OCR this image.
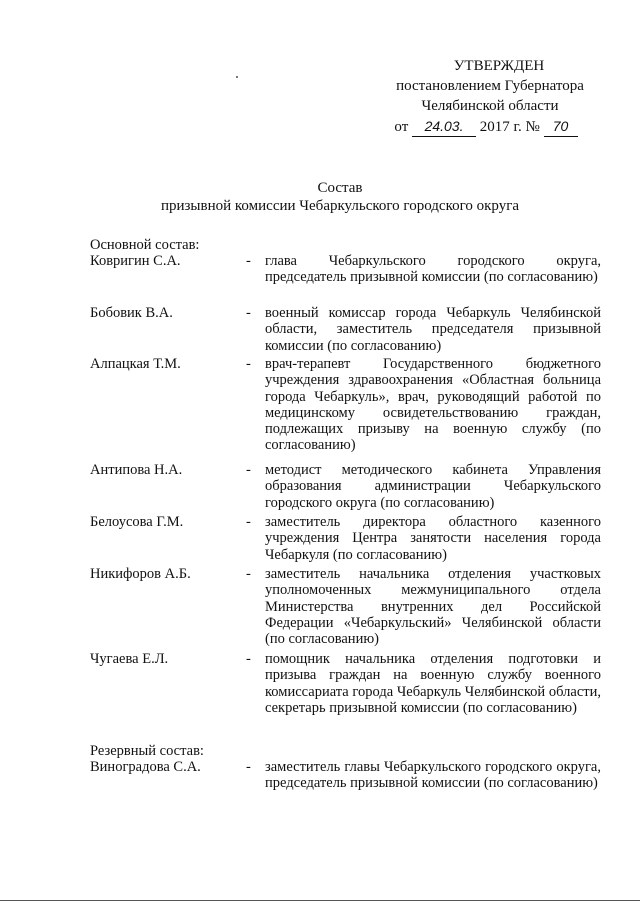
УТВЕРЖДЕН
постановлением Губернатора
Челябинской области
от 24.03. 2017 г. № 70
Состав
призывной комиссии Чебаркульского городского округа
Основной состав:
Ковригин С.А.	- глава Чебаркульского городского округа, председатель призывной комиссии (по согласованию)
Бобовик В.А.	- военный комиссар города Чебаркуль Челябинской области, заместитель председателя призывной комиссии (по согласованию)
Алпацкая Т.М.	- врач-терапевт Государственного бюджетного учреждения здравоохранения «Областная больница города Чебаркуль», врач, руководящий работой по медицинскому освидетельствованию граждан, подлежащих призыву на военную службу (по согласованию)
Антипова Н.А.	- методист методического кабинета Управления образования администрации Чебаркульского городского округа (по согласованию)
Белоусова Г.М.	- заместитель директора областного казенного учреждения Центра занятости населения города Чебаркуля (по согласованию)
Никифоров А.Б.	- заместитель начальника отделения участковых уполномоченных межмуниципального отдела Министерства внутренних дел Российской Федерации «Чебаркульский» Челябинской области (по согласованию)
Чугаева Е.Л.	- помощник начальника отделения подготовки и призыва граждан на военную службу военного комиссариата города Чебаркуль Челябинской области, секретарь призывной комиссии (по согласованию)
Резервный состав:
Виноградова С.А.	- заместитель главы Чебаркульского городского округа, председатель призывной комиссии (по согласованию)
